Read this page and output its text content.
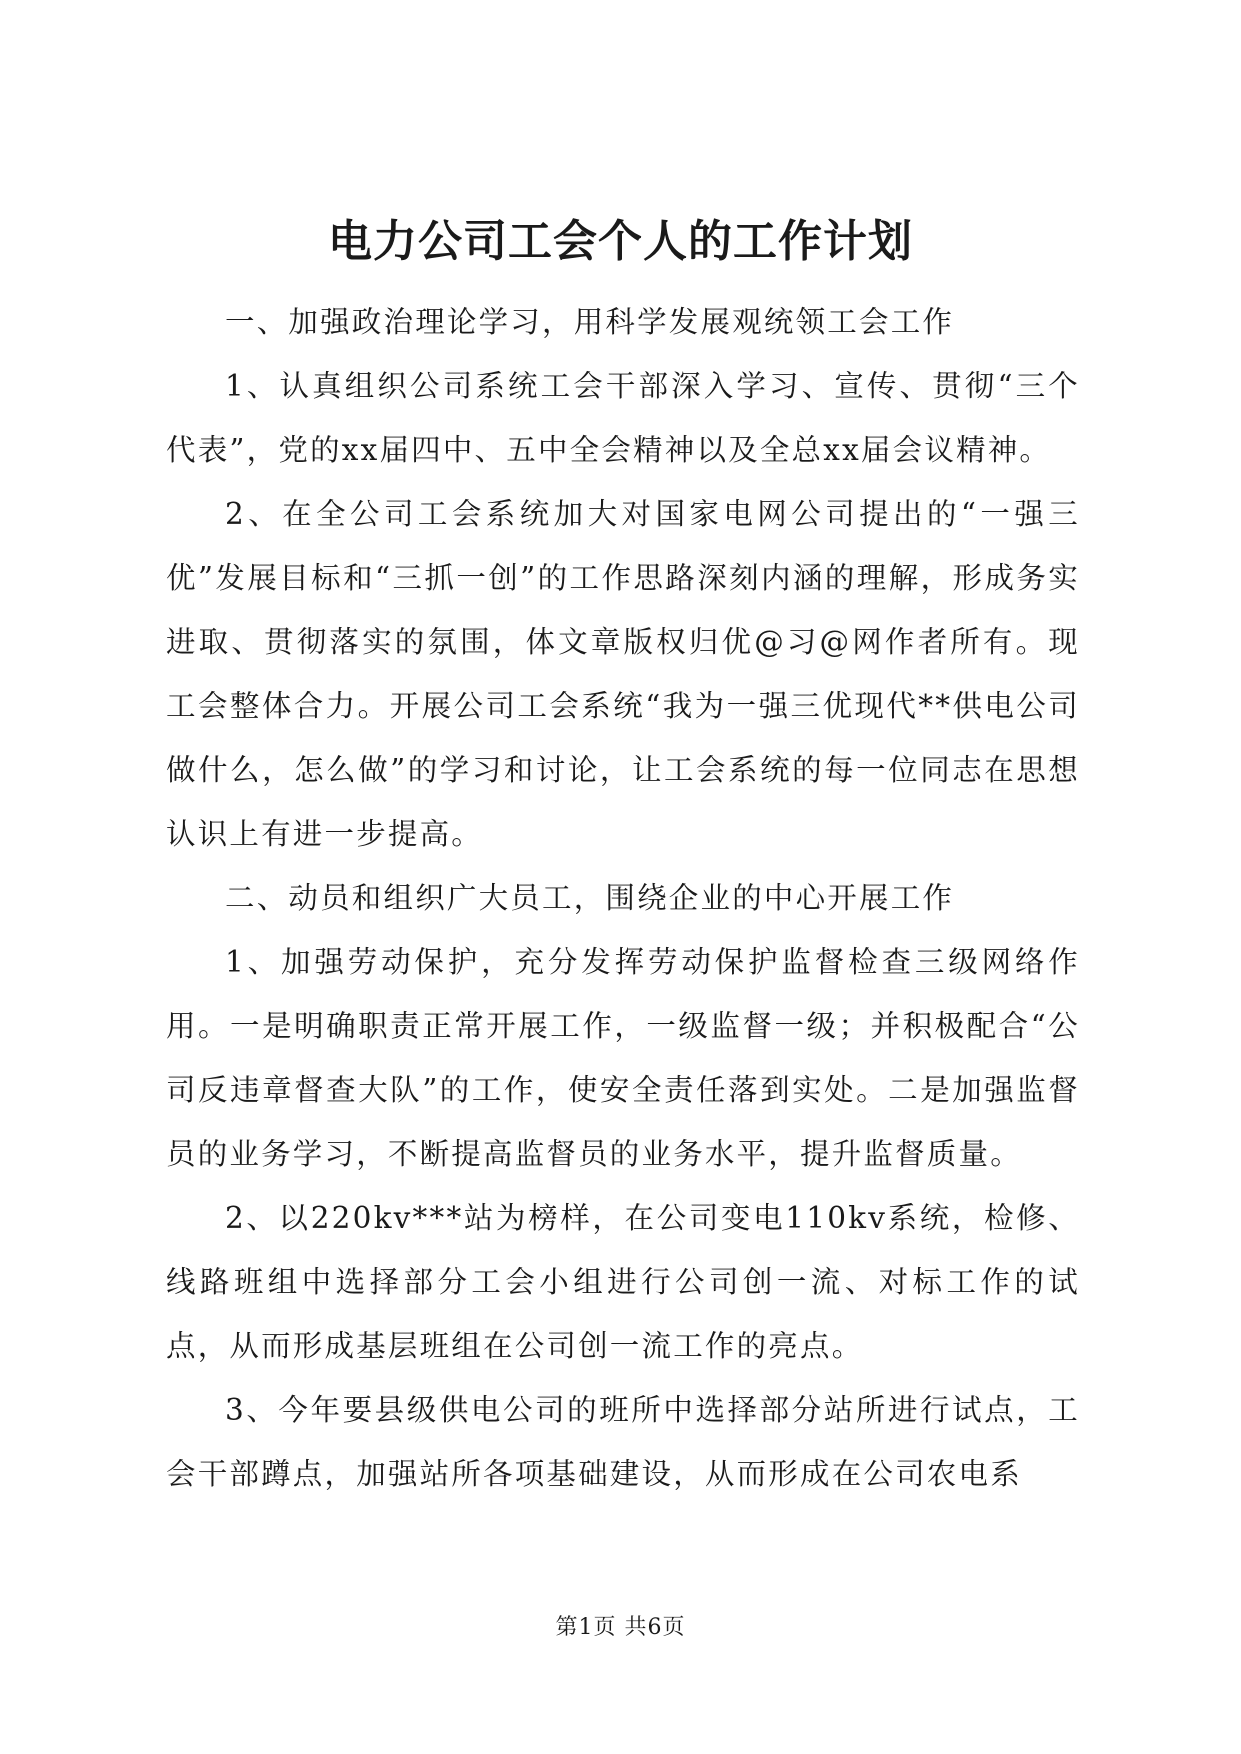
电力公司工会个人的工作计划

一、加强政治理论学习，用科学发展观统领工会工作

1、认真组织公司系统工会干部深入学习、宣传、贯彻“三个代表”，党的xx届四中、五中全会精神以及全总xx届会议精神。

2、在全公司工会系统加大对国家电网公司提出的“一强三优”发展目标和“三抓一创”的工作思路深刻内涵的理解，形成务实进取、贯彻落实的氛围，体文章版权归优@习@网作者所有。现工会整体合力。开展公司工会系统“我为一强三优现代**供电公司做什么，怎么做”的学习和讨论，让工会系统的每一位同志在思想认识上有进一步提高。

二、动员和组织广大员工，围绕企业的中心开展工作

1、加强劳动保护，充分发挥劳动保护监督检查三级网络作用。一是明确职责正常开展工作，一级监督一级；并积极配合“公司反违章督查大队”的工作，使安全责任落到实处。二是加强监督员的业务学习，不断提高监督员的业务水平，提升监督质量。

2、以220kv***站为榜样，在公司变电110kv系统，检修、线路班组中选择部分工会小组进行公司创一流、对标工作的试点，从而形成基层班组在公司创一流工作的亮点。

3、今年要县级供电公司的班所中选择部分站所进行试点，工会干部蹲点，加强站所各项基础建设，从而形成在公司农电系

第1页 共6页
